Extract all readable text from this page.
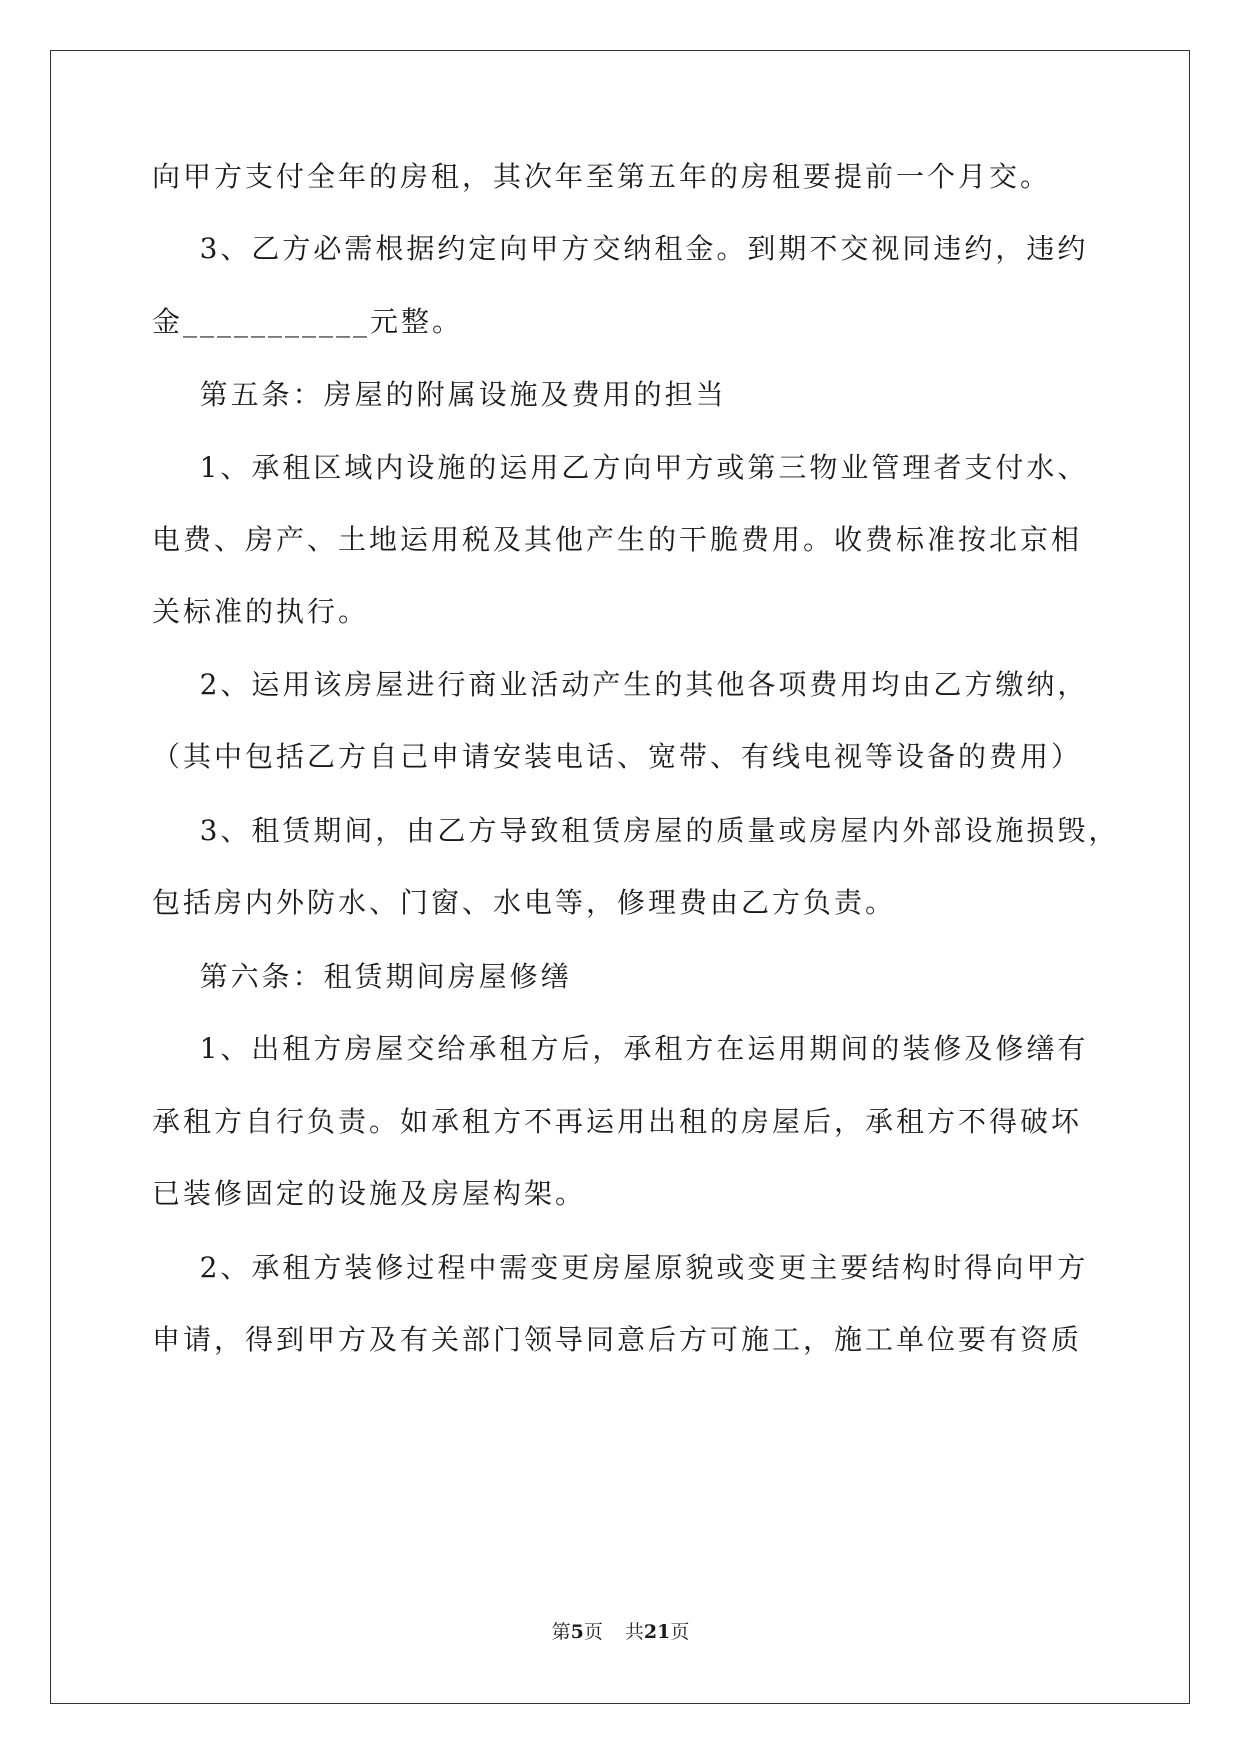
向甲方支付全年的房租，其次年至第五年的房租要提前一个月交。
3、乙方必需根据约定向甲方交纳租金。到期不交视同违约，违约
金___________元整。
第五条：房屋的附属设施及费用的担当
1、承租区域内设施的运用乙方向甲方或第三物业管理者支付水、
电费、房产、土地运用税及其他产生的干脆费用。收费标准按北京相
关标准的执行。
2、运用该房屋进行商业活动产生的其他各项费用均由乙方缴纳，
（其中包括乙方自己申请安装电话、宽带、有线电视等设备的费用）
3、租赁期间，由乙方导致租赁房屋的质量或房屋内外部设施损毁，
包括房内外防水、门窗、水电等，修理费由乙方负责。
第六条：租赁期间房屋修缮
1、出租方房屋交给承租方后，承租方在运用期间的装修及修缮有
承租方自行负责。如承租方不再运用出租的房屋后，承租方不得破坏
已装修固定的设施及房屋构架。
2、承租方装修过程中需变更房屋原貌或变更主要结构时得向甲方
申请，得到甲方及有关部门领导同意后方可施工，施工单位要有资质
第5页 共21页
